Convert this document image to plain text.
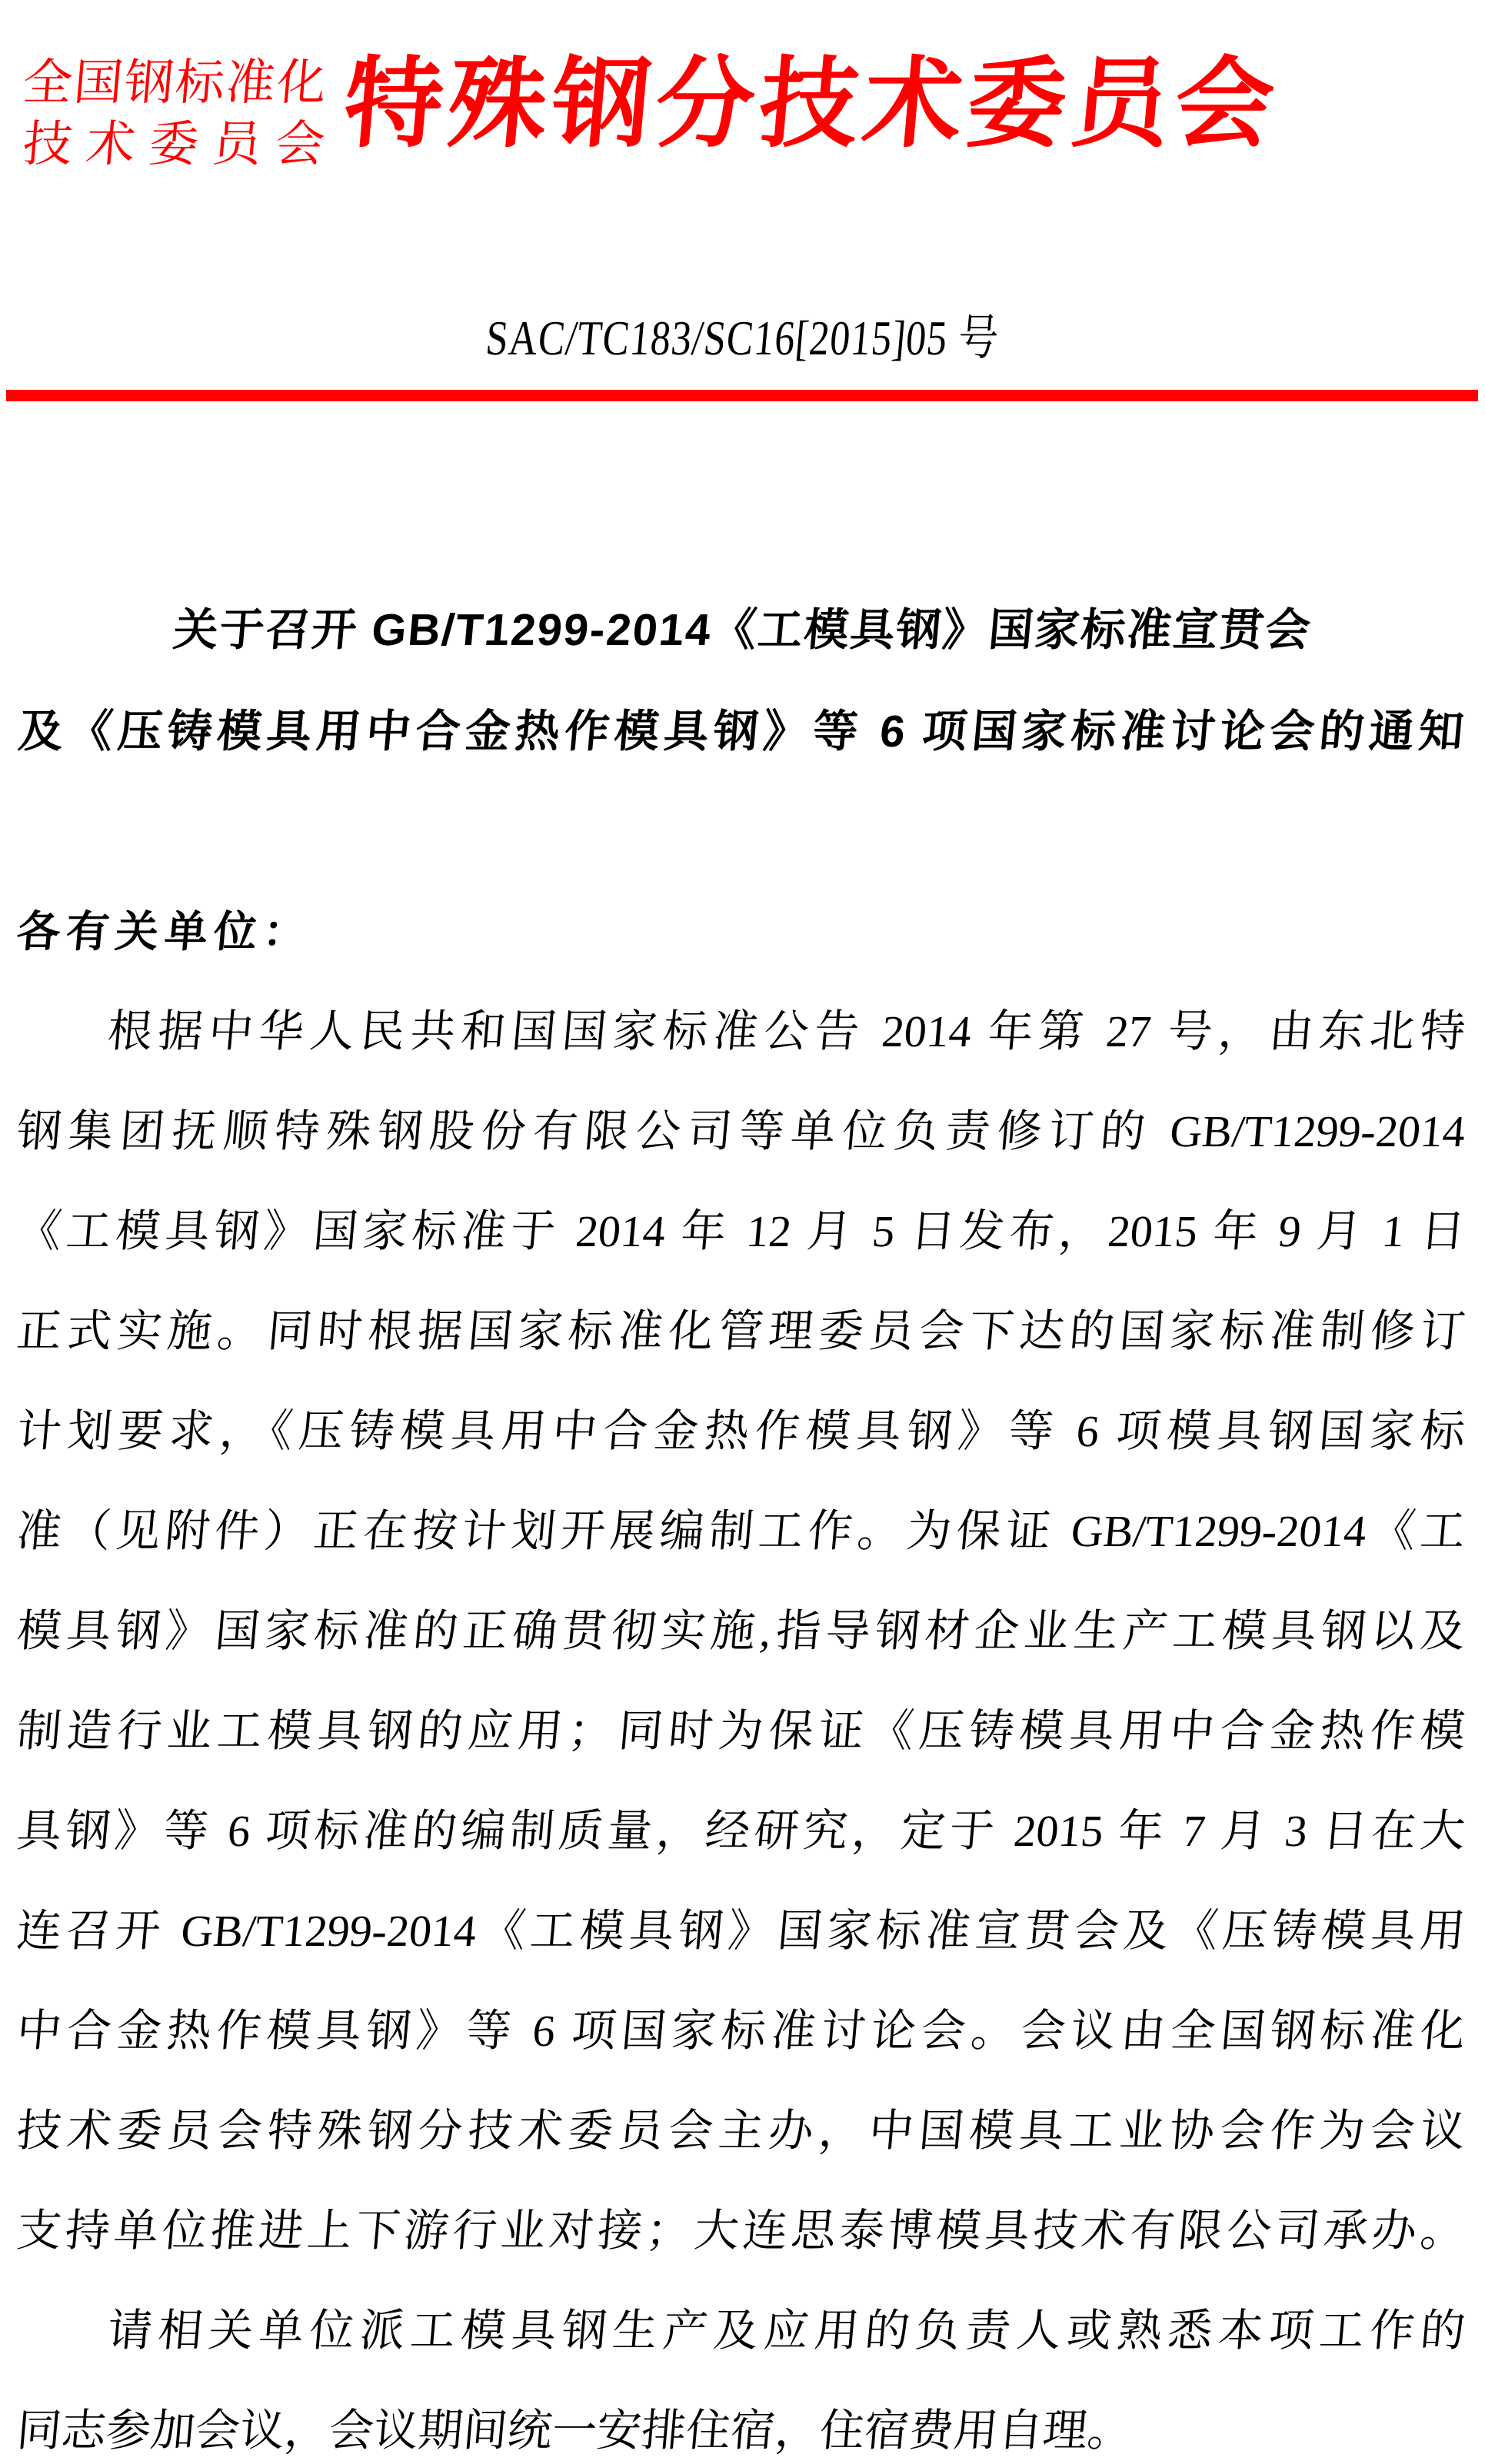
全国钢标准化
技 术 委 员 会 特殊钢分技术委员会
SAC/TC183/SC16[2015]05 号
关于召开 GB/T1299-2014《工模具钢》国家标准宣贯会
及《压铸模具用中合金热作模具钢》等 6 项国家标准讨论会的通知
各有关单位：
根据中华人民共和国国家标准公告 2014 年第 27 号，由东北特
钢集团抚顺特殊钢股份有限公司等单位负责修订的 GB/T1299-2014
《工模具钢》国家标准于 2014 年 12 月 5 日发布，2015 年 9 月 1 日
正式实施。同时根据国家标准化管理委员会下达的国家标准制修订
计划要求，《压铸模具用中合金热作模具钢》等 6 项模具钢国家标
准（见附件）正在按计划开展编制工作。为保证 GB/T1299-2014《工
模具钢》国家标准的正确贯彻实施,指导钢材企业生产工模具钢以及
制造行业工模具钢的应用；同时为保证《压铸模具用中合金热作模
具钢》等 6 项标准的编制质量，经研究，定于 2015 年 7 月 3 日在大
连召开 GB/T1299-2014《工模具钢》国家标准宣贯会及《压铸模具用
中合金热作模具钢》等 6 项国家标准讨论会。会议由全国钢标准化
技术委员会特殊钢分技术委员会主办，中国模具工业协会作为会议
支持单位推进上下游行业对接；大连思泰博模具技术有限公司承办。
请相关单位派工模具钢生产及应用的负责人或熟悉本项工作的
同志参加会议，会议期间统一安排住宿，住宿费用自理。
